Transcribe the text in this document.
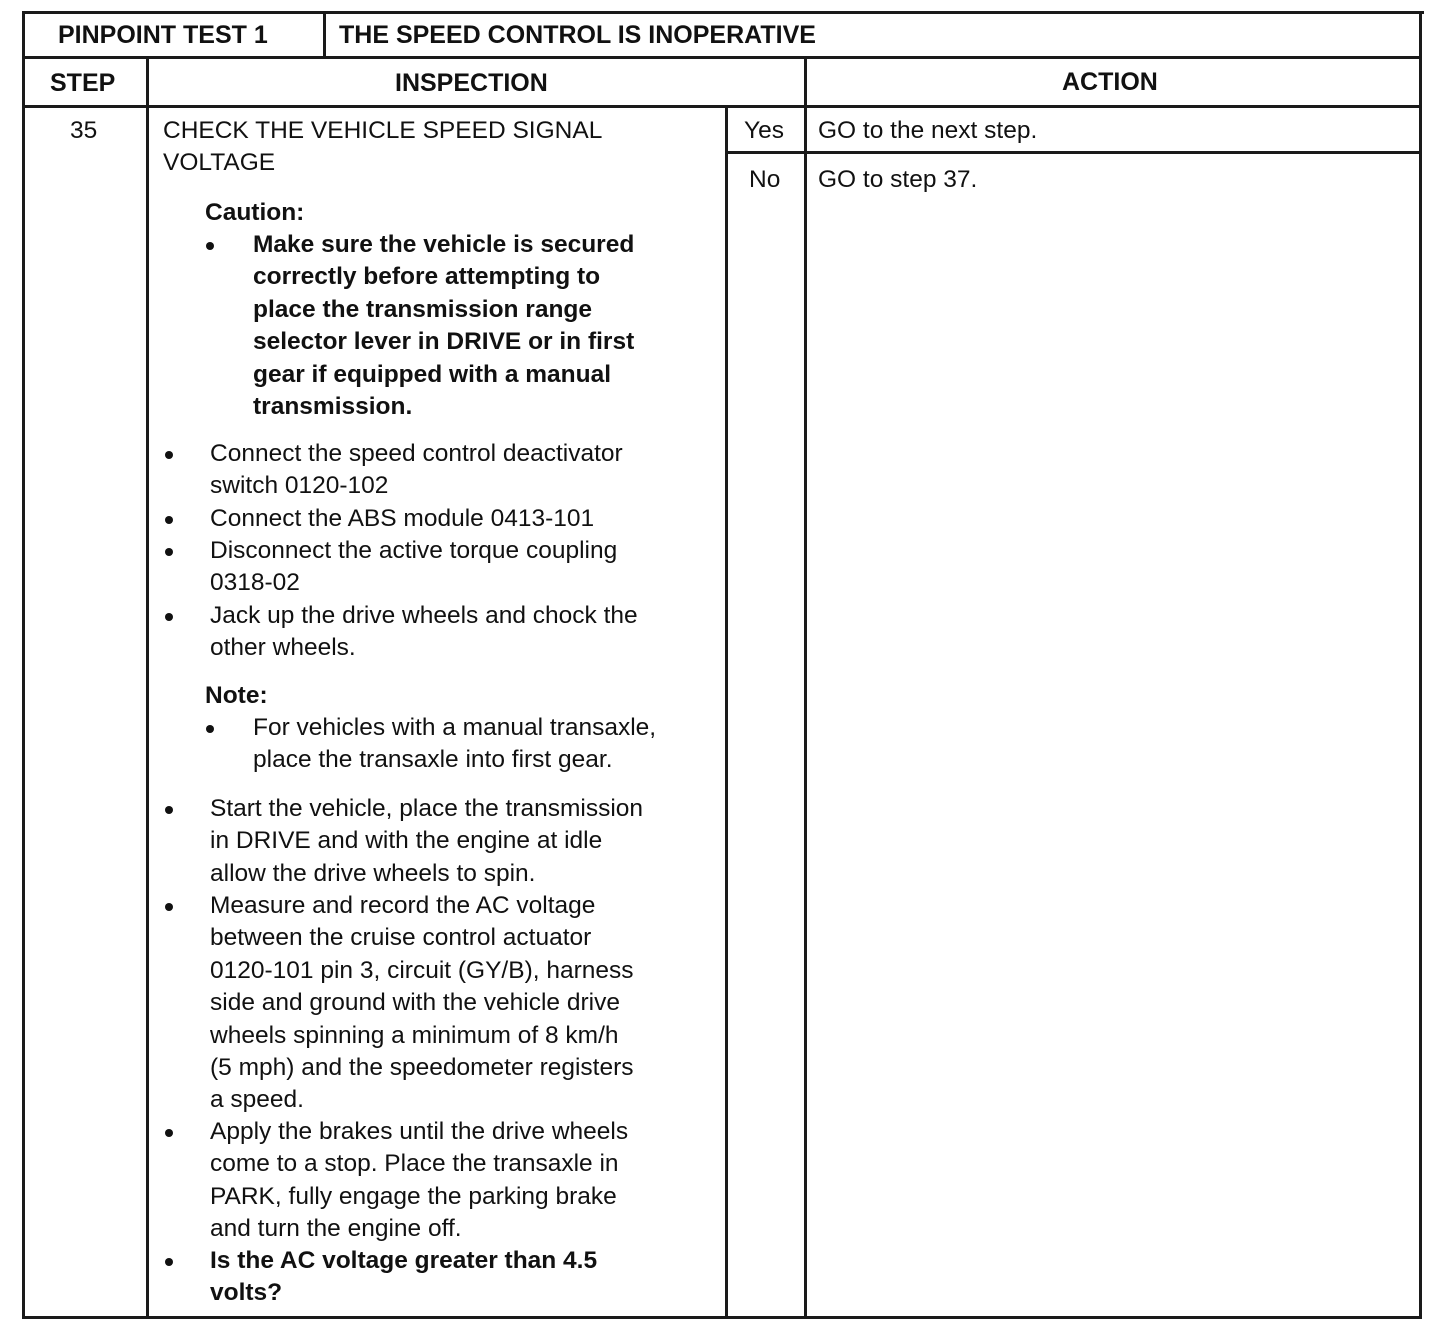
PINPOINT TEST 1	THE SPEED CONTROL IS INOPERATIVE
STEP	INSPECTION	ACTION
35	CHECK THE VEHICLE SPEED SIGNAL
VOLTAGE
Caution:
Make sure the vehicle is secured
correctly before attempting to
place the transmission range
selector lever in DRIVE or in first
gear if equipped with a manual
transmission.
Connect the speed control deactivator
switch 0120-102
Connect the ABS module 0413-101
Disconnect the active torque coupling
0318-02
Jack up the drive wheels and chock the
other wheels.
Note:
For vehicles with a manual transaxle,
place the transaxle into first gear.
Start the vehicle, place the transmission
in DRIVE and with the engine at idle
allow the drive wheels to spin.
Measure and record the AC voltage
between the cruise control actuator
0120-101 pin 3, circuit (GY/B), harness
side and ground with the vehicle drive
wheels spinning a minimum of 8 km/h
(5 mph) and the speedometer registers
a speed.
Apply the brakes until the drive wheels
come to a stop. Place the transaxle in
PARK, fully engage the parking brake
and turn the engine off.
Is the AC voltage greater than 4.5
volts?
Yes GO to the next step.
No GO to step 37.
